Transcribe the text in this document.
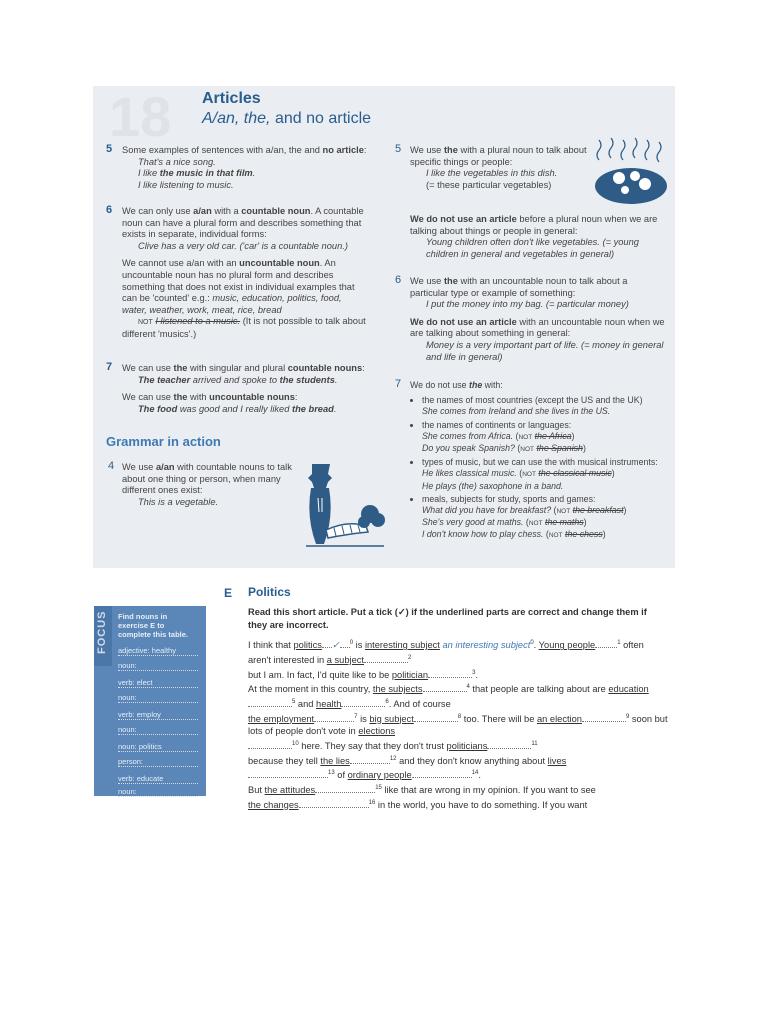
18 Articles
A/an, the, and no article
5 Some examples of sentences with a/an, the and no article:
That's a nice song.
I like the music in that film.
I like listening to music.

6 We can only use a/an with a countable noun. A countable noun can have a plural form and describes something that exists in separate, individual forms:
Clive has a very old car. ('car' is a countable noun.)

We cannot use a/an with an uncountable noun. An uncountable noun has no plural form and describes something that does not exist in individual examples that can be 'counted' e.g.: music, education, politics, food, water, weather, work, meat, rice, bread
NOT I listened to a music. (It is not possible to talk about different 'musics'.)

7 We can use the with singular and plural countable nouns:
The teacher arrived and spoke to the students.

We can use the with uncountable nouns:
The food was good and I really liked the bread.

Grammar in action
4 We use a/an with countable nouns to talk about one thing or person, when many different ones exist:
This is a vegetable.

5 We use the with a plural noun to talk about specific things or people:
I like the vegetables in this dish.
(= these particular vegetables)

We do not use an article before a plural noun when we are talking about things or people in general:
Young children often don't like vegetables. (= young children in general and vegetables in general)

6 We use the with an uncountable noun to talk about a particular type or example of something:
I put the money into my bag. (= particular money)

We do not use an article with an uncountable noun when we are talking about something in general:
Money is a very important part of life. (= money in general and life in general)

7 We do not use the with:

• the names of most countries (except the US and the UK)
She comes from Ireland and she lives in the US.
• the names of continents or languages:
She comes from Africa. (NOT the Africa)
Do you speak Spanish? (NOT the Spanish)
• types of music, but we can use the with musical instruments:
He likes classical music. (NOT the classical music)
He plays (the) saxophone in a band.
• meals, subjects for study, sports and games:
What did you have for breakfast? (NOT the breakfast)
She's very good at maths. (NOT the maths)
I don't know how to play chess. (NOT the chess)
E Politics
FOCUS Find nouns in exercise E to complete this table.
adjective: healthy
noun:
verb: elect
noun:
verb: employ
noun:
noun: politics
person:
verb: educate
noun:

Read this short article. Put a tick (✓) if the underlined parts are correct and change them if they are incorrect.

I think that politics ✓ $^0$ is interesting subject an interesting subject$^0$. Young people	$^1$ often aren't interested in a subject	$^2$
but I am. In fact, I'd quite like to be politician	$^3$.
At the moment in this country, the subjects	$^4$ that people are talking about are education$^5$ and health	$^6$. And of course
the employment	$^7$ is big subject	$^8$ too. There will be an election	$^9$ soon but lots of people don't vote in elections
$^{10}$ here. They say that they don't trust politicians	$^{11}$
because they tell the lies	$^{12}$ and they don't know anything about lives
$^{13}$ of ordinary people	$^{14}$.
But the attitudes	$^{15}$ like that are wrong in my opinion. If you want to see
the changes	$^{16}$ in the world, you have to do something. If you want
